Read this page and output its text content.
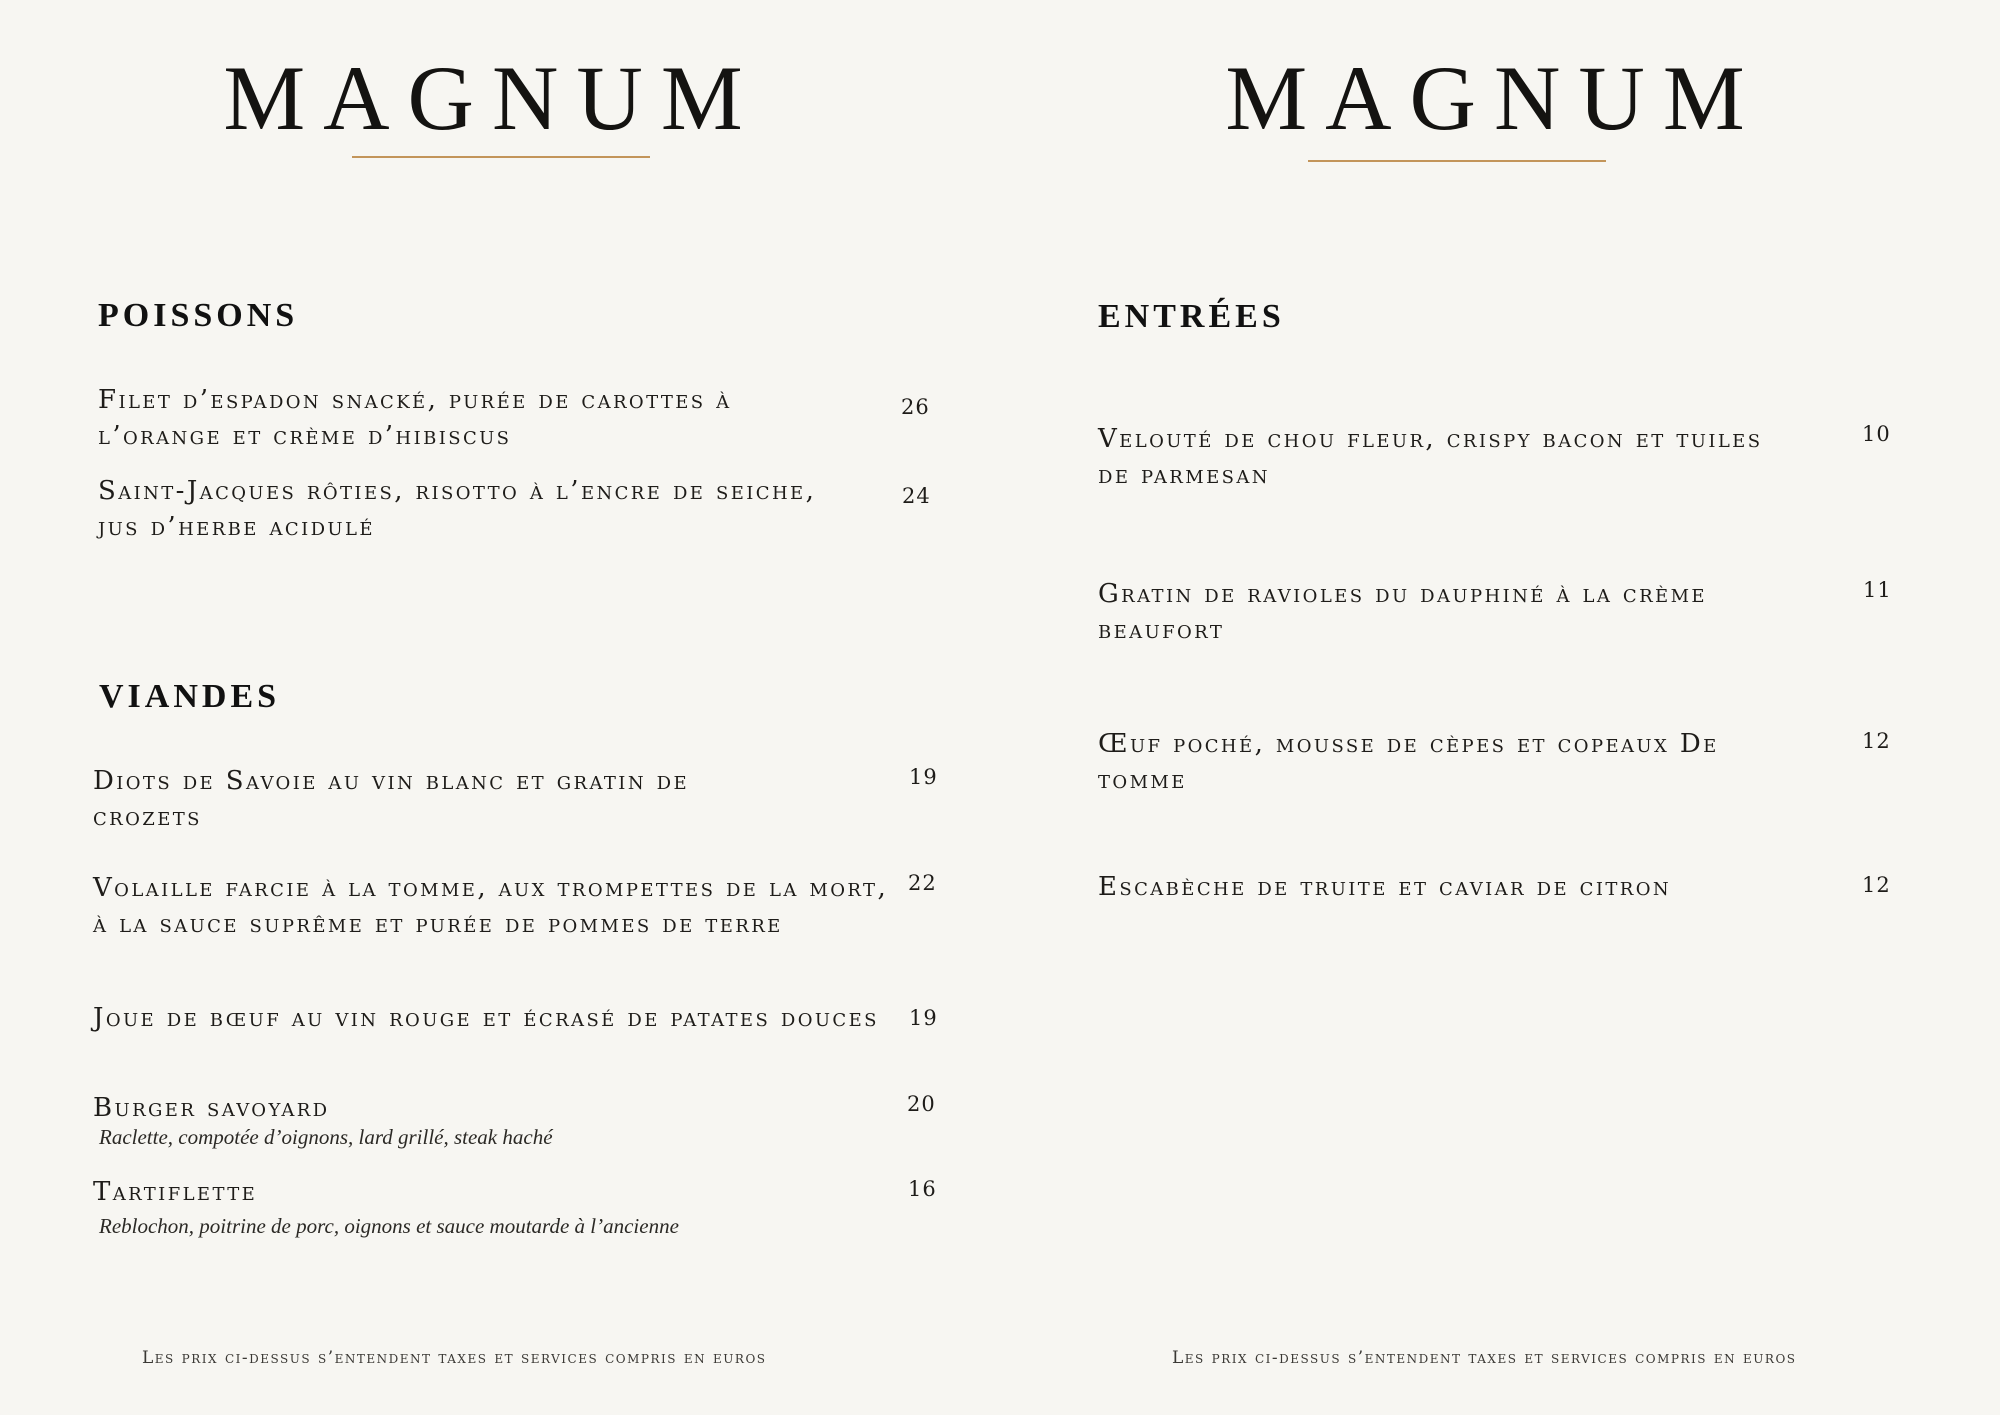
MAGNUM
POISSONS
Filet d’espadon snacké, purée de carottes à l’orange et crème d’hibiscus
26
Saint-Jacques rôties, risotto à l’encre de seiche, jus d’herbe acidulé
24
VIANDES
Diots de Savoie au vin blanc et gratin de crozets
19
Volaille farcie à la tomme, aux trompettes de la mort, à la sauce suprême et purée de pommes de terre
22
Joue de bœuf au vin rouge et écrasé de patates douces 19
Burger savoyard
Raclette, compotée d’oignons, lard grillé, steak haché
20
Tartiflette
Reblochon, poitrine de porc, oignons et sauce moutarde à l’ancienne
16
Les prix ci-dessus s’entendent taxes et services compris en euros
MAGNUM
ENTRÉES
Velouté de chou fleur, crispy bacon et tuiles de parmesan
10
Gratin de ravioles du dauphiné à la crème beaufort
11
Œuf poché, mousse de cèpes et copeaux De tomme
12
Escabèche de truite et caviar de citron	12
Les prix ci-dessus s’entendent taxes et services compris en euros
